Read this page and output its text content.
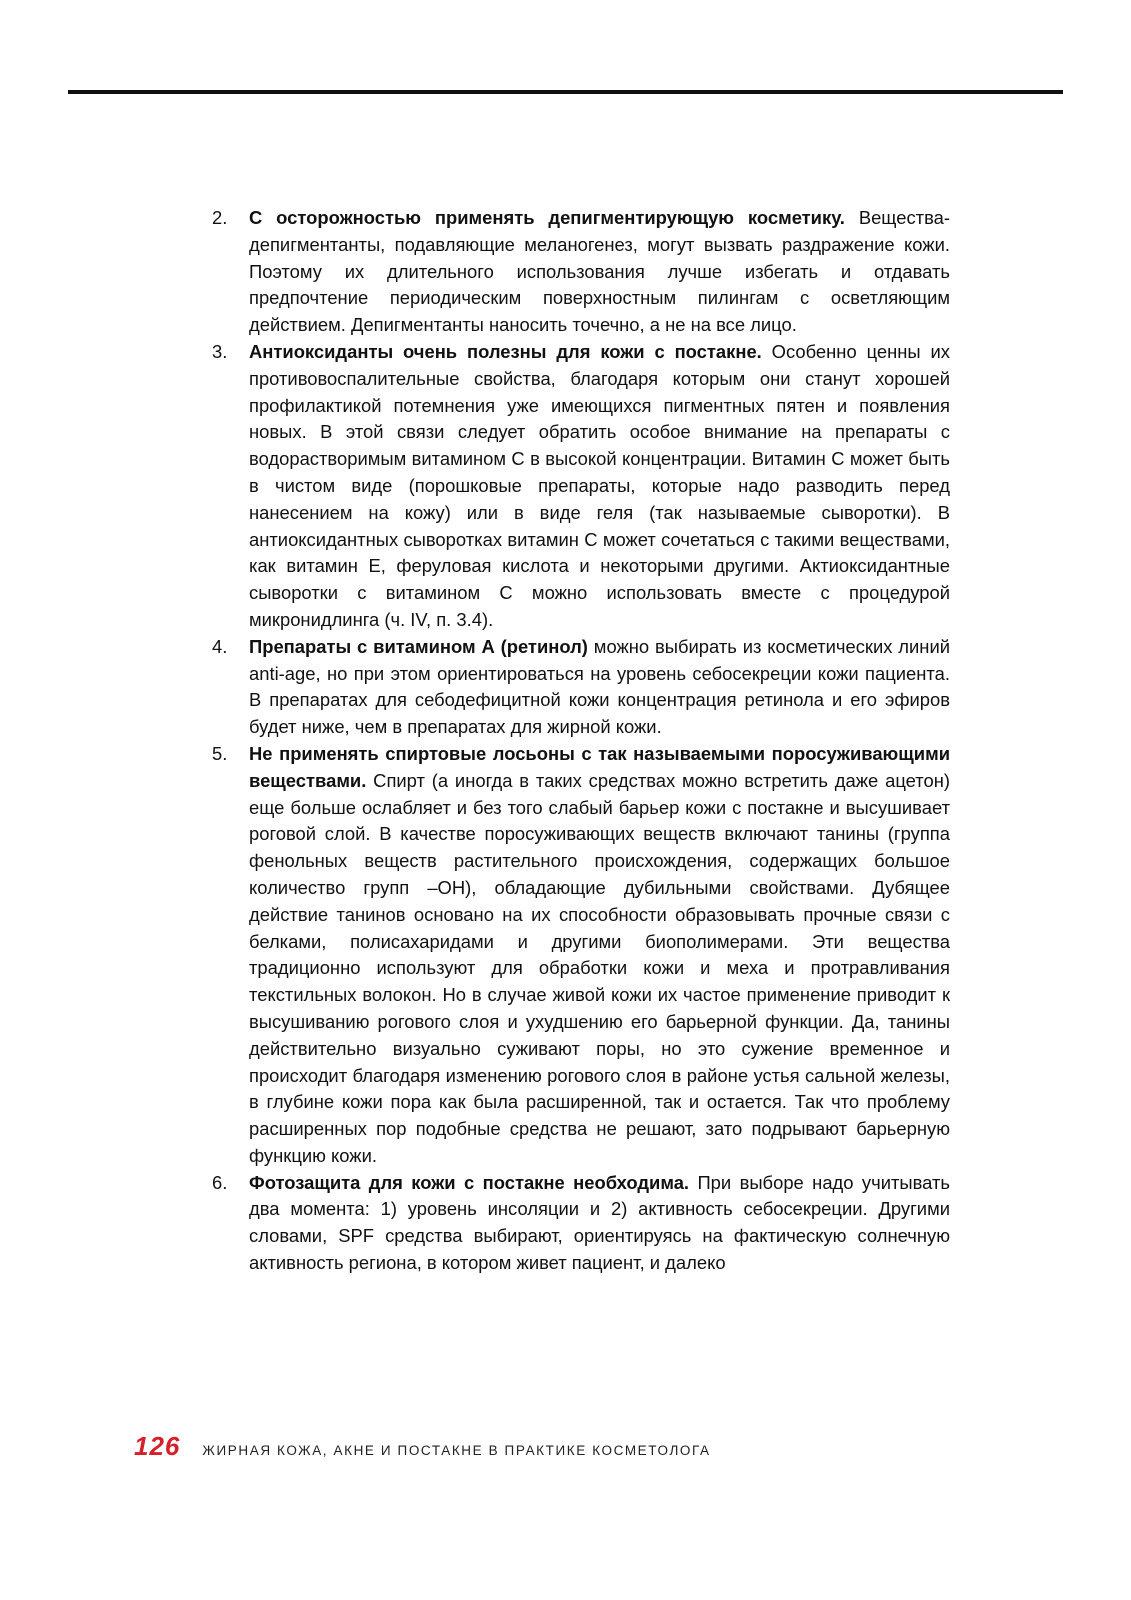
2.	С осторожностью применять депигментирующую косметику. Вещества-депигментанты, подавляющие меланогенез, могут вызвать раздражение кожи. Поэтому их длительного использования лучше избегать и отдавать предпочтение периодическим поверхностным пилингам с осветляющим действием. Депигментанты наносить точечно, а не на все лицо.
3.	Антиоксиданты очень полезны для кожи с постакне. Особенно ценны их противовоспалительные свойства, благодаря которым они станут хорошей профилактикой потемнения уже имеющихся пигментных пятен и появления новых. В этой связи следует обратить особое внимание на препараты с водорастворимым витамином С в высокой концентрации. Витамин С может быть в чистом виде (порошковые препараты, которые надо разводить перед нанесением на кожу) или в виде геля (так называемые сыворотки). В антиоксидантных сыворотках витамин С может сочетаться с такими веществами, как витамин Е, феруловая кислота и некоторыми другими. Актиоксидантные сыворотки с витамином С можно использовать вместе с процедурой микронидлинга (ч. IV, п. 3.4).
4.	Препараты с витамином А (ретинол) можно выбирать из косметических линий anti-age, но при этом ориентироваться на уровень себосекреции кожи пациента. В препаратах для себодефицитной кожи концентрация ретинола и его эфиров будет ниже, чем в препаратах для жирной кожи.
5.	Не применять спиртовые лосьоны с так называемыми поросуживающими веществами. Спирт (а иногда в таких средствах можно встретить даже ацетон) еще больше ослабляет и без того слабый барьер кожи с постакне и высушивает роговой слой. В качестве поросуживающих веществ включают танины (группа фенольных веществ растительного происхождения, содержащих большое количество групп –OH), обладающие дубильными свойствами. Дубящее действие танинов основано на их способности образовывать прочные связи с белками, полисахаридами и другими биополимерами. Эти вещества традиционно используют для обработки кожи и меха и протравливания текстильных волокон. Но в случае живой кожи их частое применение приводит к высушиванию рогового слоя и ухудшению его барьерной функции. Да, танины действительно визуально суживают поры, но это сужение временное и происходит благодаря изменению рогового слоя в районе устья сальной железы, в глубине кожи пора как была расширенной, так и остается. Так что проблему расширенных пор подобные средства не решают, зато подрывают барьерную функцию кожи.
6.	Фотозащита для кожи с постакне необходима. При выборе надо учитывать два момента: 1) уровень инсоляции и 2) активность себосекреции. Другими словами, SPF средства выбирают, ориентируясь на фактическую солнечную активность региона, в котором живет пациент, и далеко
126 ЖИРНАЯ КОЖА, АКНЕ И ПОСТАКНЕ В ПРАКТИКЕ КОСМЕТОЛОГА
